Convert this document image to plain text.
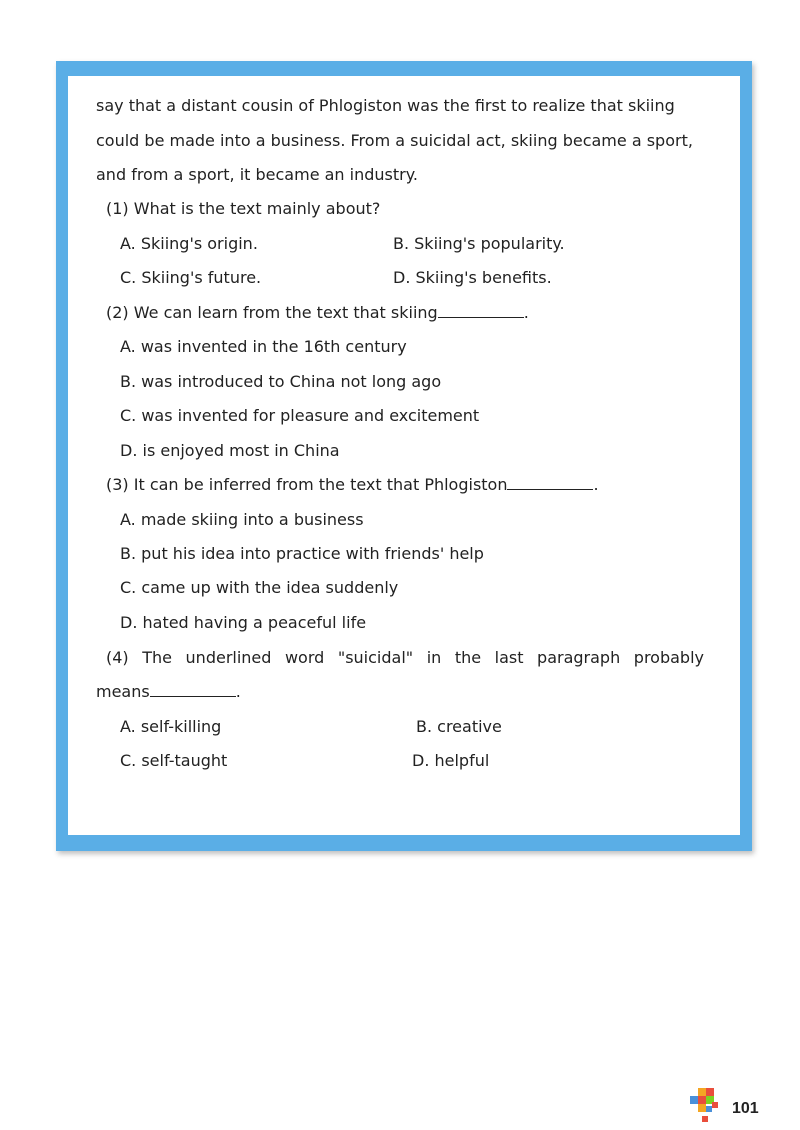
say that a distant cousin of Phlogiston was the first to realize that skiing
could be made into a business. From a suicidal act, skiing became a sport,
and from a sport, it became an industry.
(1) What is the text mainly about?
A. Skiing's origin.	B. Skiing's popularity.
C. Skiing's future.	D. Skiing's benefits.
(2) We can learn from the text that skiing	.
A. was invented in the 16th century
B. was introduced to China not long ago
C. was invented for pleasure and excitement
D. is enjoyed most in China
(3) It can be inferred from the text that Phlogiston	.
A. made skiing into a business
B. put his idea into practice with friends' help
C. came up with the idea suddenly
D. hated having a peaceful life
(4) The underlined word "suicidal" in the last paragraph probably
means	.
A. self-killing	B. creative
C. self-taught	D. helpful
101
